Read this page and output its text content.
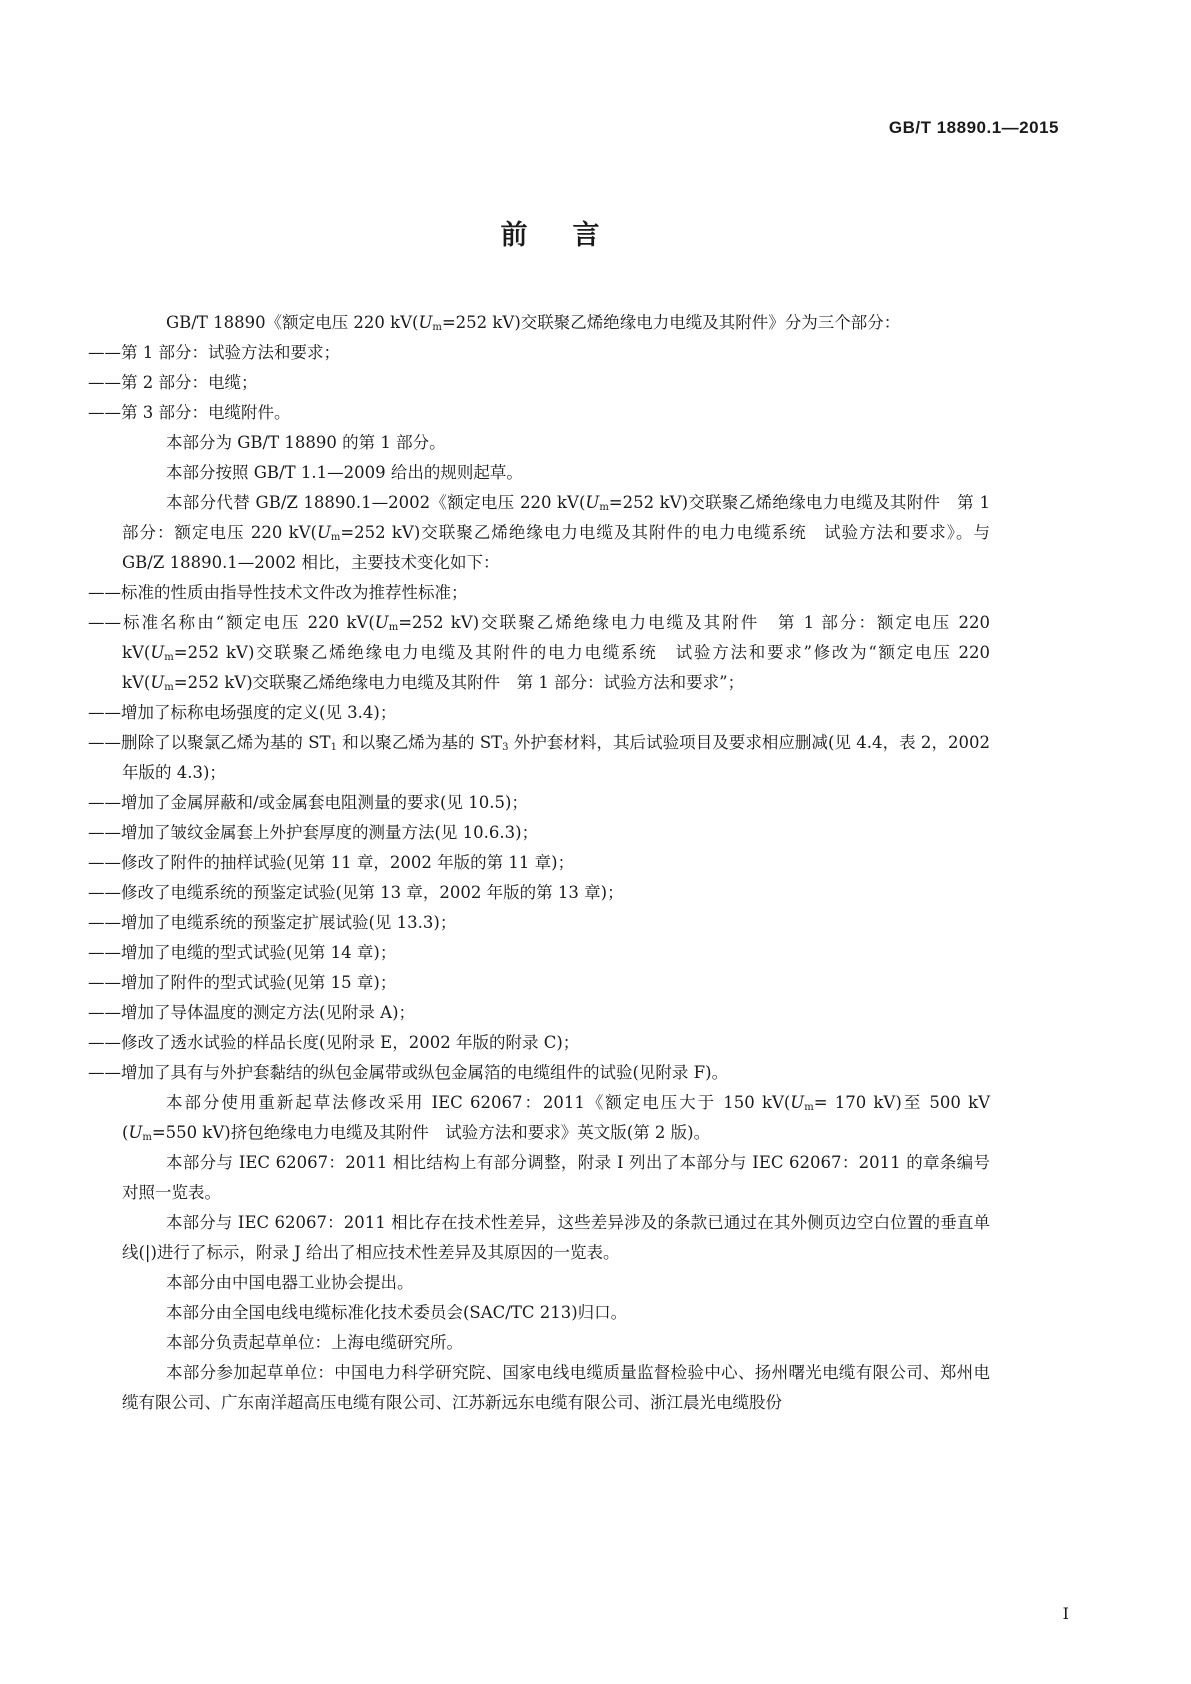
GB/T 18890.1—2015
前言

GB/T 18890《额定电压 220 $kV(U_m=252$ kV)交联聚乙烯绝缘电力电缆及其附件》分为三个部分：

——第 1 部分：试验方法和要求；

——第 2 部分：电缆；

——第 3 部分：电缆附件。

本部分为 GB/T 18890 的第 1 部分。

本部分按照 GB/T 1.1—2009 给出的规则起草。

本部分代替 GB/Z 18890.1—2002《额定电压 220 $kV(U_m=252$ kV)交联聚乙烯绝缘电力电缆及其附件　第 1 部分：额定电压 220 $kV(U_m=252$ kV)交联聚乙烯绝缘电力电缆及其附件的电力电缆系统　试验方法和要求》。与 GB/Z 18890.1—2002 相比，主要技术变化如下：

——标准的性质由指导性技术文件改为推荐性标准；

——标准名称由“额定电压 220 $kV(U_m=252$ kV)交联聚乙烯绝缘电力电缆及其附件　第 1 部分：额定电压 220 $kV(U_m=252$ kV)交联聚乙烯绝缘电力电缆及其附件的电力电缆系统　试验方法和要求”修改为“额定电压 220 $kV(U_m=252$ kV)交联聚乙烯绝缘电力电缆及其附件　第 1 部分：试验方法和要求”；

——增加了标称电场强度的定义(见 3.4)；

——删除了以聚氯乙烯为基的 $ST_1$ 和以聚乙烯为基的 $ST_3$ 外护套材料，其后试验项目及要求相应删减(见 4.4，表 2，2002 年版的 4.3)；

——增加了金属屏蔽和/或金属套电阻测量的要求(见 10.5)；

——增加了皱纹金属套上外护套厚度的测量方法(见 10.6.3)；

——修改了附件的抽样试验(见第 11 章，2002 年版的第 11 章)；

——修改了电缆系统的预鉴定试验(见第 13 章，2002 年版的第 13 章)；

——增加了电缆系统的预鉴定扩展试验(见 13.3)；

——增加了电缆的型式试验(见第 14 章)；

——增加了附件的型式试验(见第 15 章)；

——增加了导体温度的测定方法(见附录 A)；

——修改了透水试验的样品长度(见附录 E，2002 年版的附录 C)；

——增加了具有与外护套黏结的纵包金属带或纵包金属箔的电缆组件的试验(见附录 F)。

本部分使用重新起草法修改采用 IEC 62067：2011《额定电压大于 150 $kV(U_m= 170$ kV)至 500 kV ($U_m=550$ kV)挤包绝缘电力电缆及其附件　试验方法和要求》英文版(第 2 版)。

本部分与 IEC 62067：2011 相比结构上有部分调整，附录 I 列出了本部分与 IEC 62067：2011 的章条编号对照一览表。

本部分与 IEC 62067：2011 相比存在技术性差异，这些差异涉及的条款已通过在其外侧页边空白位置的垂直单线(|)进行了标示，附录 J 给出了相应技术性差异及其原因的一览表。

本部分由中国电器工业协会提出。

本部分由全国电线电缆标准化技术委员会(SAC/TC 213)归口。

本部分负责起草单位：上海电缆研究所。

本部分参加起草单位：中国电力科学研究院、国家电线电缆质量监督检验中心、扬州曙光电缆有限公司、郑州电缆有限公司、广东南洋超高压电缆有限公司、江苏新远东电缆有限公司、浙江晨光电缆股份

I
